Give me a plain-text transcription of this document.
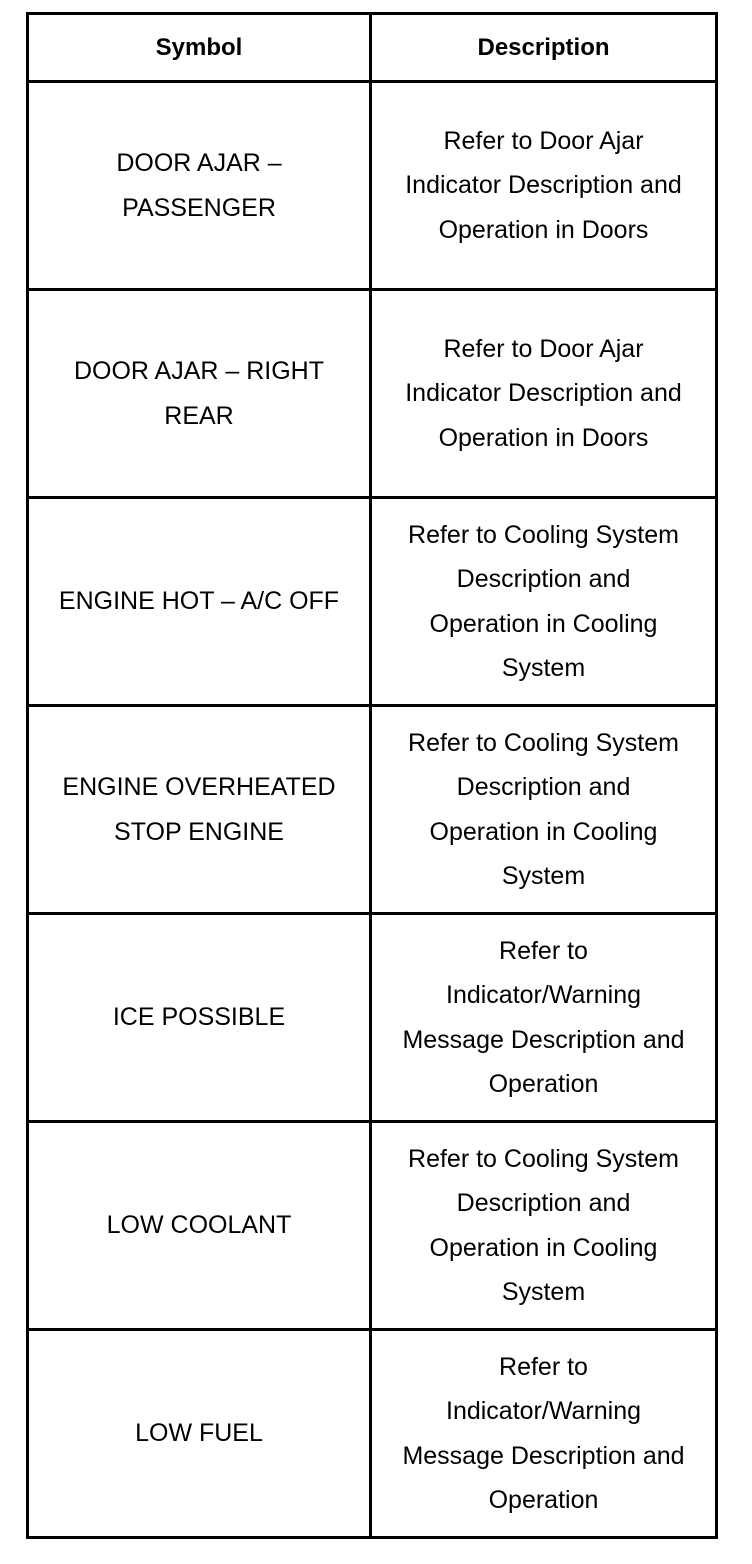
Symbol	Description
DOOR AJAR – PASSENGER	Refer to Door Ajar Indicator Description and Operation in Doors
DOOR AJAR – RIGHT REAR	Refer to Door Ajar Indicator Description and Operation in Doors
ENGINE HOT – A/C OFF	Refer to Cooling System Description and Operation in Cooling System
ENGINE OVERHEATED STOP ENGINE	Refer to Cooling System Description and Operation in Cooling System
ICE POSSIBLE	Refer to Indicator/Warning Message Description and Operation
LOW COOLANT	Refer to Cooling System Description and Operation in Cooling System
LOW FUEL	Refer to Indicator/Warning Message Description and Operation
